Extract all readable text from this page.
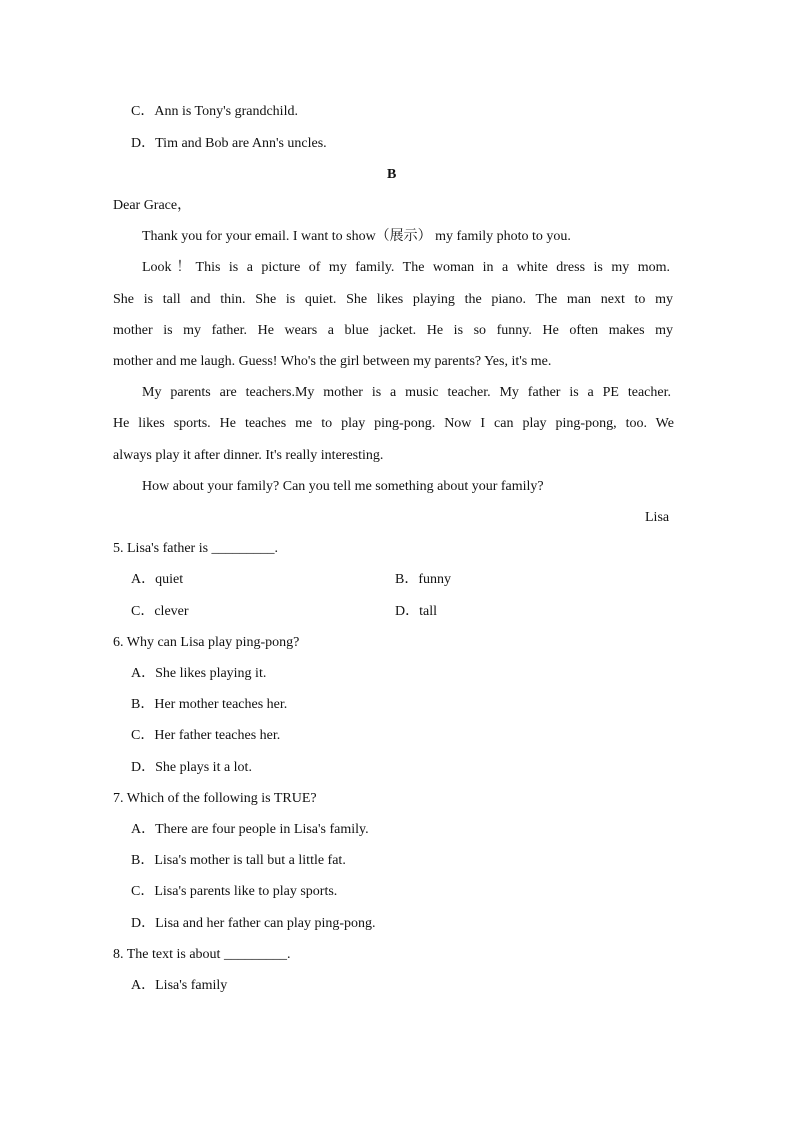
C．Ann is Tony's grandchild.
D．Tim and Bob are Ann's uncles.
B
Dear Grace，
Thank you for your email. I want to show（展示） my family photo to you.
Look！This is a picture of my family. The woman in a white dress is my mom.
She is tall and thin. She is quiet. She likes playing the piano. The man next to my
mother is my father. He wears a blue jacket. He is so funny. He often makes my
mother and me laugh. Guess! Who's the girl between my parents? Yes, it's me.
My parents are teachers.My mother is a music teacher. My father is a PE teacher.
He likes sports. He teaches me to play ping-pong. Now I can play ping-pong, too. We
always play it after dinner. It's really interesting.
How about your family? Can you tell me something about your family?
Lisa
5. Lisa's father is _________.
A．quiet	B．funny
C．clever	D．tall
6. Why can Lisa play ping-pong?
A．She likes playing it.
B．Her mother teaches her.
C．Her father teaches her.
D．She plays it a lot.
7. Which of the following is TRUE?
A．There are four people in Lisa's family.
B．Lisa's mother is tall but a little fat.
C．Lisa's parents like to play sports.
D．Lisa and her father can play ping-pong.
8. The text is about _________.
A．Lisa's family
